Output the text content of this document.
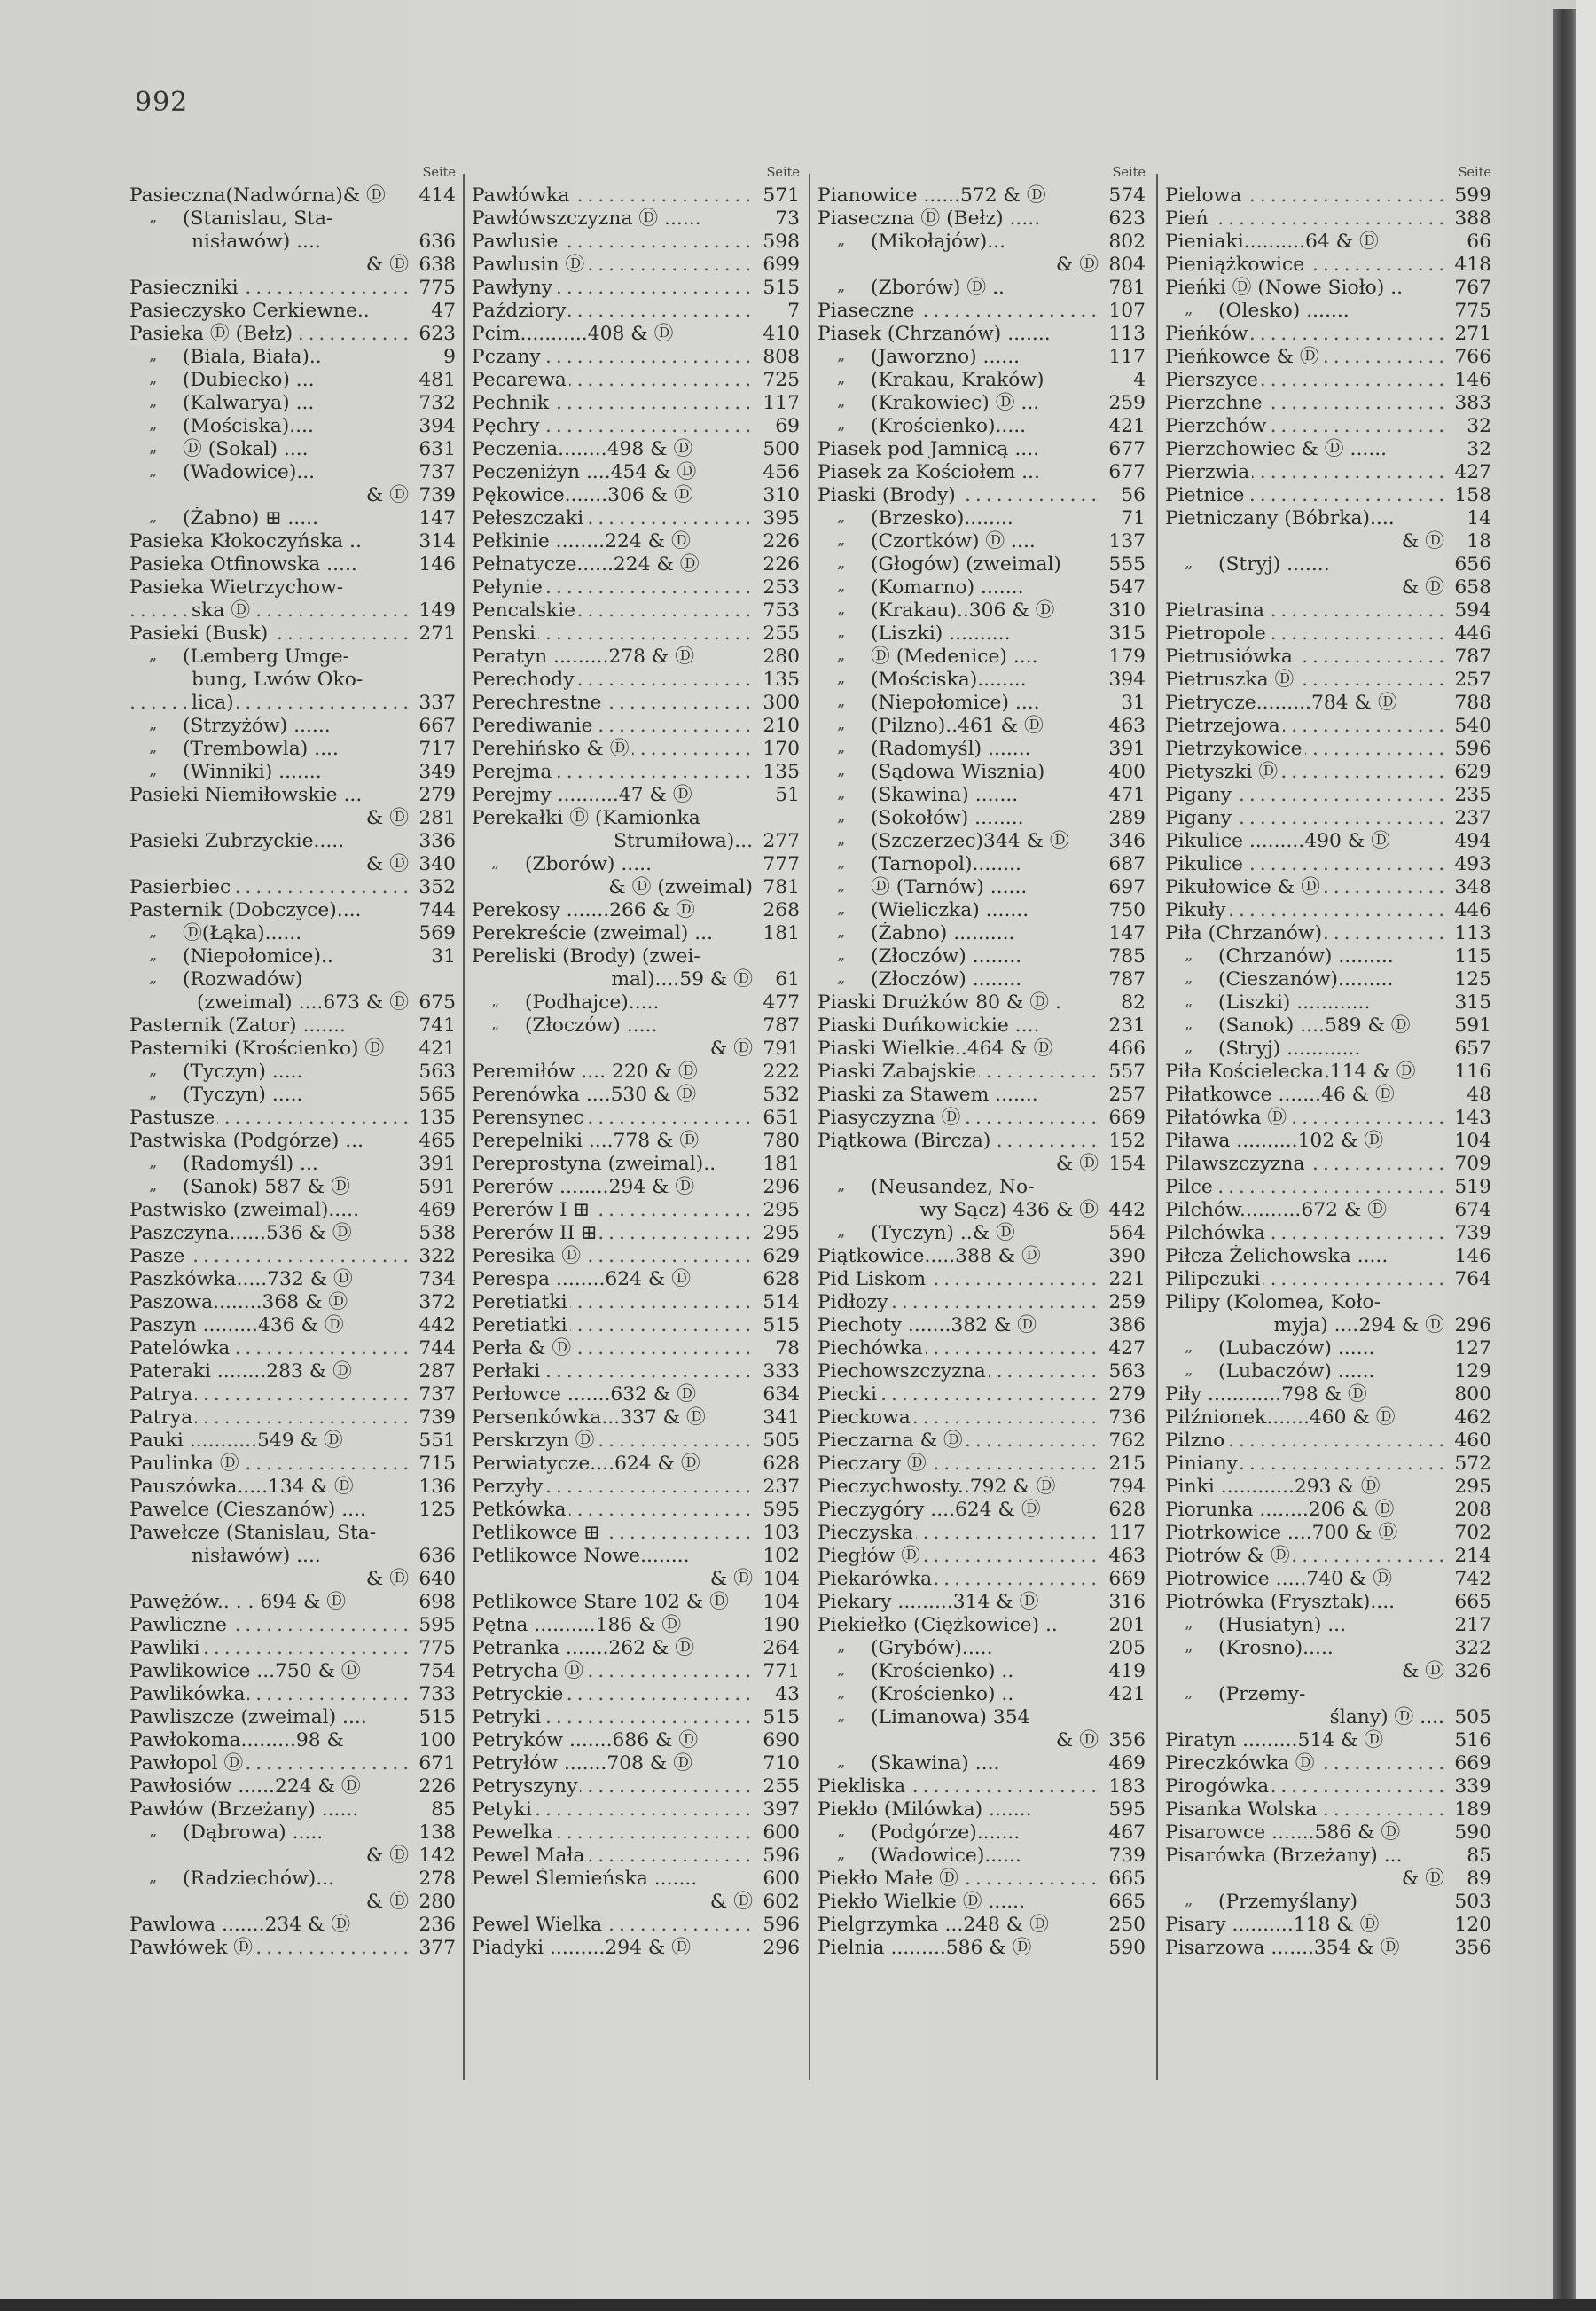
992
Seite
Pasieczna(Nadwórna)& Ⓓ	414
„ (Stanislau, Sta-
nisławów) ....	636
& Ⓓ 638
Pasieczniki . . .	775
Pasieczysko Cerkiewne..	47
Pasieka Ⓓ (Bełz) . . .	623
„ (Biala, Biała)..	9
„ (Dubiecko) ...	481
„ (Kalwarya) ...	732
„ (Mościska)....	394
„ Ⓓ (Sokal) ....	631
„ (Wadowice)...	737
& Ⓓ 739
„ (Żabno) ⊞ .....	147
Pasieka Kłokoczyńska ..	314
Pasieka Otfinowska .....	146
Pasieka Wietrzychow-
ska Ⓓ . . .	149
Pasieki (Busk) . . .	271
„ (Lemberg Umge-
bung, Lwów Oko-
lica) . . .	337
„ (Strzyżów) ......	667
„ (Trembowla) ....	717
„ (Winniki) .......	349
Pasieki Niemiłowskie ...	279
& Ⓓ 281
Pasieki Zubrzyckie.....	336
& Ⓓ 340
Pasierbiec . . .	352
Pasternik (Dobczyce)....	744
„ Ⓓ(Łąka)......	569
„ (Niepołomice)..	31
„ (Rozwadów)
(zweimal) ....673 & Ⓓ 675
Pasternik (Zator) .......	741
Pasterniki (Krościenko) Ⓓ	421
„ (Tyczyn) .....	563
„ (Tyczyn) .....	565
Pastusze . . .	135
Pastwiska (Podgórze) ...	465
„ (Radomyśl) ...	391
„ (Sanok) 587 & Ⓓ	591
Pastwisko (zweimal).....	469
Paszczyna......536 & Ⓓ	538
Pasze . . .	322
Paszkówka.....732 & Ⓓ	734
Paszowa........368 & Ⓓ	372
Paszyn .........436 & Ⓓ	442
Patelówka . . .	744
Pateraki ........283 & Ⓓ	287
Patrya . . .	737
Patrya . . .	739
Pauki ...........549 & Ⓓ	551
Paulinka Ⓓ . . .	715
Pauszówka.....134 & Ⓓ	136
Pawelce (Cieszanów) ....	125
Pawełcze (Stanislau, Sta-
nisławów) ....	636
& Ⓓ 640
Pawężów.. . . 694 & Ⓓ	698
Pawliczne . . .	595
Pawliki . . .	775
Pawlikowice ...750 & Ⓓ	754
Pawlikówka . . .	733
Pawliszcze (zweimal) ....	515
Pawłokoma.........98 &	100
Pawłopol Ⓓ . . .	671
Pawłosiów ......224 & Ⓓ	226
Pawłów (Brzeżany) ......	85
„ (Dąbrowa) .....	138
& Ⓓ 142
„ (Radziechów)...	278
& Ⓓ 280
Pawlowa .......234 & Ⓓ	236
Pawłówek Ⓓ . . .	377
Seite
Pawłówka . . .	571
Pawłówszczyzna Ⓓ ......	73
Pawlusie . . .	598
Pawlusin Ⓓ . . .	699
Pawłyny . . .	515
Paździory . . .	7
Pcim...........408 & Ⓓ	410
Pczany . . .	808
Pecarewa . . .	725
Pechnik . . .	117
Pęchry . . .	69
Peczenia........498 & Ⓓ	500
Peczeniżyn ....454 & Ⓓ	456
Pękowice.......306 & Ⓓ	310
Pełeszczaki . . .	395
Pełkinie ........224 & Ⓓ	226
Pełnatycze......224 & Ⓓ	226
Pełynie . . .	253
Pencalskie . . .	753
Penski . . .	255
Peratyn .........278 & Ⓓ	280
Perechody . . .	135
Perechrestne . . .	300
Perediwanie . . .	210
Perehińsko & Ⓓ . . .	170
Perejma . . .	135
Perejmy ..........47 & Ⓓ	51
Perekałki Ⓓ (Kamionka
Strumiłowa)... 277
„ (Zborów) .....	777
& Ⓓ (zweimal) 781
Perekosy .......266 & Ⓓ	268
Perekreście (zweimal) ...	181
Pereliski (Brody) (zwei-
mal)....59 & Ⓓ	61
„ (Podhajce).....	477
„ (Złoczów) .....	787
& Ⓓ 791
Peremiłów .... 220 & Ⓓ	222
Perenówka ....530 & Ⓓ	532
Perensynec . . .	651
Perepelniki ....778 & Ⓓ	780
Pereprostyna (zweimal)..	181
Pererów ........294 & Ⓓ	296
Pererów I ⊞ . . .	295
Pererów II ⊞ . . .	295
Peresika Ⓓ . . .	629
Perespa ........624 & Ⓓ	628
Peretiatki . . .	514
Peretiatki . . .	515
Perła & Ⓓ . . .	78
Perłaki . . .	333
Perłowce .......632 & Ⓓ	634
Persenkówka...337 & Ⓓ	341
Perskrzyn Ⓓ . . .	505
Perwiatycze....624 & Ⓓ	628
Perzyły . . .	237
Petkówka . . .	595
Petlikowce ⊞ . . .	103
Petlikowce Nowe........	102
& Ⓓ 104
Petlikowce Stare 102 & Ⓓ	104
Pętna ..........186 & Ⓓ	190
Petranka .......262 & Ⓓ	264
Petrycha Ⓓ . . .	771
Petryckie . . .	43
Petryki . . .	515
Petryków .......686 & Ⓓ	690
Petryłów .......708 & Ⓓ	710
Petryszyny . . .	255
Petyki . . .	397
Pewelka . . .	600
Pewel Mała . . .	596
Pewel Ślemieńska .......	600
& Ⓓ 602
Pewel Wielka . . .	596
Piadyki .........294 & Ⓓ	296
Seite
Pianowice ......572 & Ⓓ	574
Piaseczna Ⓓ (Bełz) .....	623
„ (Mikołajów)...	802
& Ⓓ 804
„ (Zborów) Ⓓ ..	781
Piaseczne . . .	107
Piasek (Chrzanów) .......	113
„ (Jaworzno) ......	117
„ (Krakau, Kraków)	4
„ (Krakowiec) Ⓓ ...	259
„ (Krościenko).....	421
Piasek pod Jamnicą ....	677
Piasek za Kościołem ...	677
Piaski (Brody) . . .	56
„ (Brzesko)........	71
„ (Czortków) Ⓓ ....	137
„ (Głogów) (zweimal)	555
„ (Komarno) .......	547
„ (Krakau)..306 & Ⓓ	310
„ (Liszki) ..........	315
„ Ⓓ (Medenice) ....	179
„ (Mościska)........	394
„ (Niepołomice) ....	31
„ (Pilzno)..461 & Ⓓ	463
„ (Radomyśl) .......	391
„ (Sądowa Wisznia)	400
„ (Skawina) .......	471
„ (Sokołów) ........	289
„ (Szczerzec)344 & Ⓓ	346
„ (Tarnopol)........	687
„ Ⓓ (Tarnów) ......	697
„ (Wieliczka) .......	750
„ (Żabno) ..........	147
„ (Złoczów) ........	785
„ (Złoczów) ........	787
Piaski Drużków 80 & Ⓓ .	82
Piaski Duńkowickie ....	231
Piaski Wielkie..464 & Ⓓ	466
Piaski Zabajskie . . .	557
Piaski za Stawem .......	257
Piasyczyzna Ⓓ . . .	669
Piątkowa (Bircza) . . .	152
& Ⓓ 154
„ (Neusandez, No-
wy Sącz) 436 & Ⓓ 442
„ (Tyczyn) ..& Ⓓ	564
Piątkowice.....388 & Ⓓ	390
Pid Liskom . . .	221
Pidłozy . . .	259
Piechoty .......382 & Ⓓ	386
Piechówka . . .	427
Piechowszczyzna . . .	563
Piecki . . .	279
Pieckowa . . .	736
Pieczarna & Ⓓ . . .	762
Pieczary Ⓓ . . .	215
Pieczychwosty..792 & Ⓓ	794
Pieczygóry ....624 & Ⓓ	628
Pieczyska . . .	117
Piegłów Ⓓ . . .	463
Piekarówka . . .	669
Piekary .........314 & Ⓓ	316
Piekiełko (Ciężkowice) ..	201
„ (Grybów).....	205
„ (Krościenko) ..	419
„ (Krościenko) ..	421
„ (Limanowa) 354
& Ⓓ 356
„ (Skawina) ....	469
Piekliska . . .	183
Piekło (Milówka) .......	595
„ (Podgórze).......	467
„ (Wadowice)......	739
Piekło Małe Ⓓ . . .	665
Piekło Wielkie Ⓓ ......	665
Pielgrzymka ...248 & Ⓓ	250
Pielnia .........586 & Ⓓ	590
Seite
Pielowa . . .	599
Pień . . .	388
Pieniaki..........64 & Ⓓ	66
Pieniążkowice . . .	418
Pieńki Ⓓ (Nowe Sioło) ..	767
„ (Olesko) .......	775
Pieńków . . .	271
Pieńkowce & Ⓓ . . .	766
Pierszyce . . .	146
Pierzchne . . .	383
Pierzchów . . .	32
Pierzchowiec & Ⓓ ......	32
Pierzwia . . .	427
Pietnice . . .	158
Pietniczany (Bóbrka)....	14
& Ⓓ	18
„ (Stryj) .......	656
& Ⓓ 658
Pietrasina . . .	594
Pietropole . . .	446
Pietrusiówka . . .	787
Pietruszka Ⓓ . . .	257
Pietrycze.........784 & Ⓓ	788
Pietrzejowa . . .	540
Pietrzykowice . . .	596
Pietyszki Ⓓ . . .	629
Pigany . . .	235
Pigany . . .	237
Pikulice .........490 & Ⓓ	494
Pikulice . . .	493
Pikułowice & Ⓓ . . .	348
Pikuły . . .	446
Piła (Chrzanów) . . .	113
„ (Chrzanów) .........	115
„ (Cieszanów).........	125
„ (Liszki) ............	315
„ (Sanok) ....589 & Ⓓ	591
„ (Stryj) ............	657
Piła Kościelecka.114 & Ⓓ	116
Piłatkowce .......46 & Ⓓ	48
Piłatówka Ⓓ . . .	143
Piława ..........102 & Ⓓ	104
Pilawszczyzna . . .	709
Pilce . . .	519
Pilchów..........672 & Ⓓ	674
Pilchówka . . .	739
Piłcza Żelichowska .....	146
Pilipczuki . . .	764
Pilipy (Kolomea, Koło-
myja) ....294 & Ⓓ 296
„ (Lubaczów) ......	127
„ (Lubaczów) ......	129
Piły ............798 & Ⓓ	800
Pilźnionek.......460 & Ⓓ	462
Pilzno . . .	460
Piniany . . .	572
Pinki ............293 & Ⓓ	295
Piorunka ........206 & Ⓓ	208
Piotrkowice ....700 & Ⓓ	702
Piotrów & Ⓓ . . .	214
Piotrowice .....740 & Ⓓ	742
Piotrówka (Frysztak)....	665
„ (Husiatyn) ...	217
„ (Krosno).....	322
& Ⓓ 326
„ (Przemy-
ślany) Ⓓ .... 505
Piratyn .........514 & Ⓓ	516
Pireczkówka Ⓓ . . .	669
Pirogówka . . .	339
Pisanka Wolska . . .	189
Pisarowce .......586 & Ⓓ	590
Pisarówka (Brzeżany) ...	85
& Ⓓ	89
„ (Przemyślany)	503
Pisary ..........118 & Ⓓ	120
Pisarzowa .......354 & Ⓓ	356
